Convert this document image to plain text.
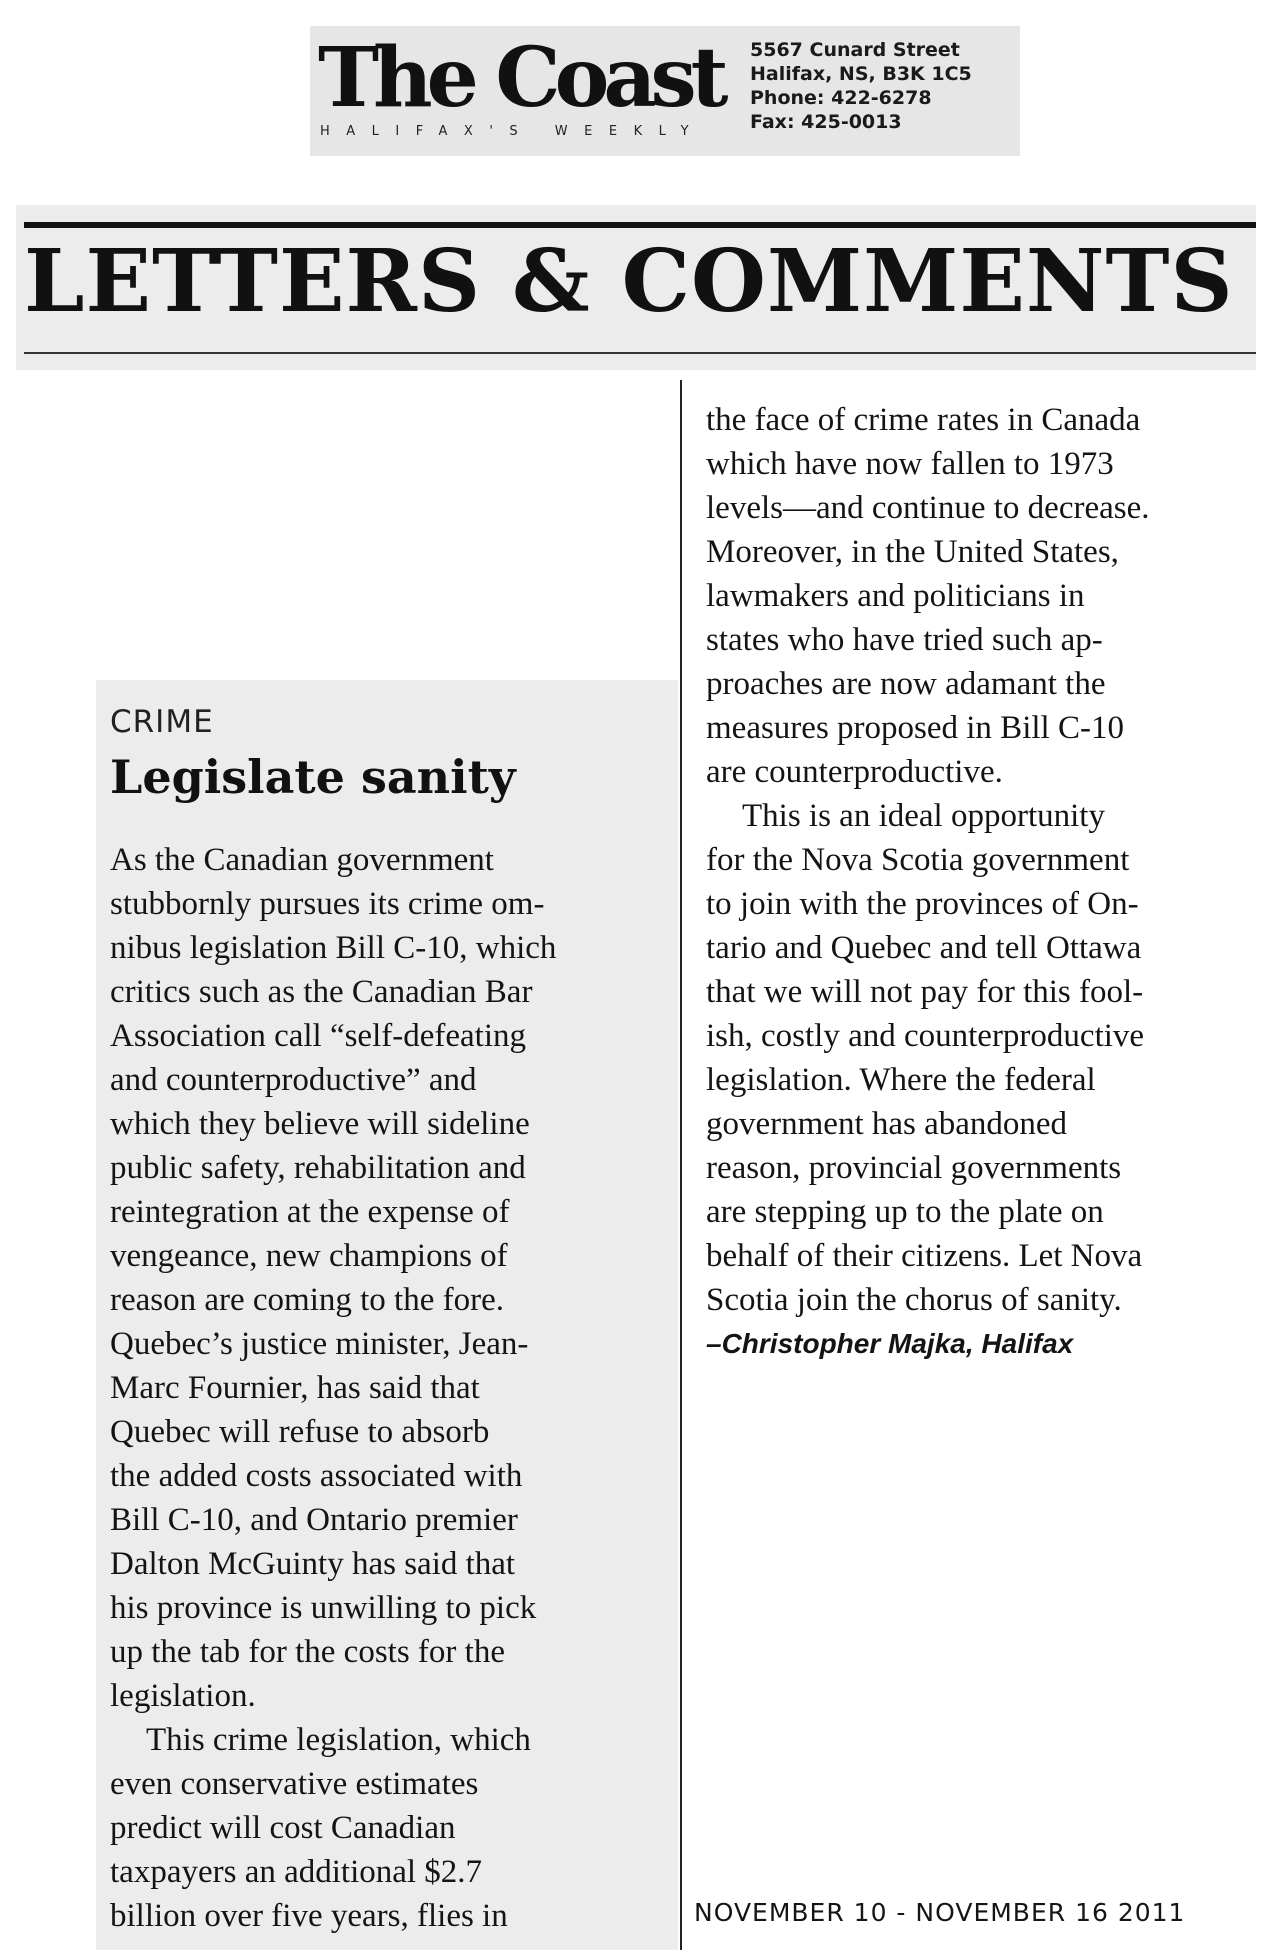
The Coast
HALIFAX'S WEEKLY
5567 Cunard Street
Halifax, NS, B3K 1C5
Phone: 422-6278
Fax: 425-0013
LETTERS & COMMENTS
CRIME
Legislate sanity

As the Canadian government

stubbornly pursues its crime om-

nibus legislation Bill C-10, which

critics such as the Canadian Bar

Association call “self-defeating

and counterproductive” and

which they believe will sideline

public safety, rehabilitation and

reintegration at the expense of

vengeance, new champions of

reason are coming to the fore.

Quebec’s justice minister, Jean-

Marc Fournier, has said that

Quebec will refuse to absorb

the added costs associated with

Bill C-10, and Ontario premier

Dalton McGuinty has said that

his province is unwilling to pick

up the tab for the costs for the

legislation.

This crime legislation, which

even conservative estimates

predict will cost Canadian

taxpayers an additional $2.7

billion over five years, flies in

the face of crime rates in Canada

which have now fallen to 1973

levels—and continue to decrease.

Moreover, in the United States,

lawmakers and politicians in

states who have tried such ap-

proaches are now adamant the

measures proposed in Bill C-10

are counterproductive.

This is an ideal opportunity

for the Nova Scotia government

to join with the provinces of On-

tario and Quebec and tell Ottawa

that we will not pay for this fool-

ish, costly and counterproductive

legislation. Where the federal

government has abandoned

reason, provincial governments

are stepping up to the plate on

behalf of their citizens. Let Nova

Scotia join the chorus of sanity.

–Christopher Majka, Halifax

NOVEMBER 10 - NOVEMBER 16 2011
